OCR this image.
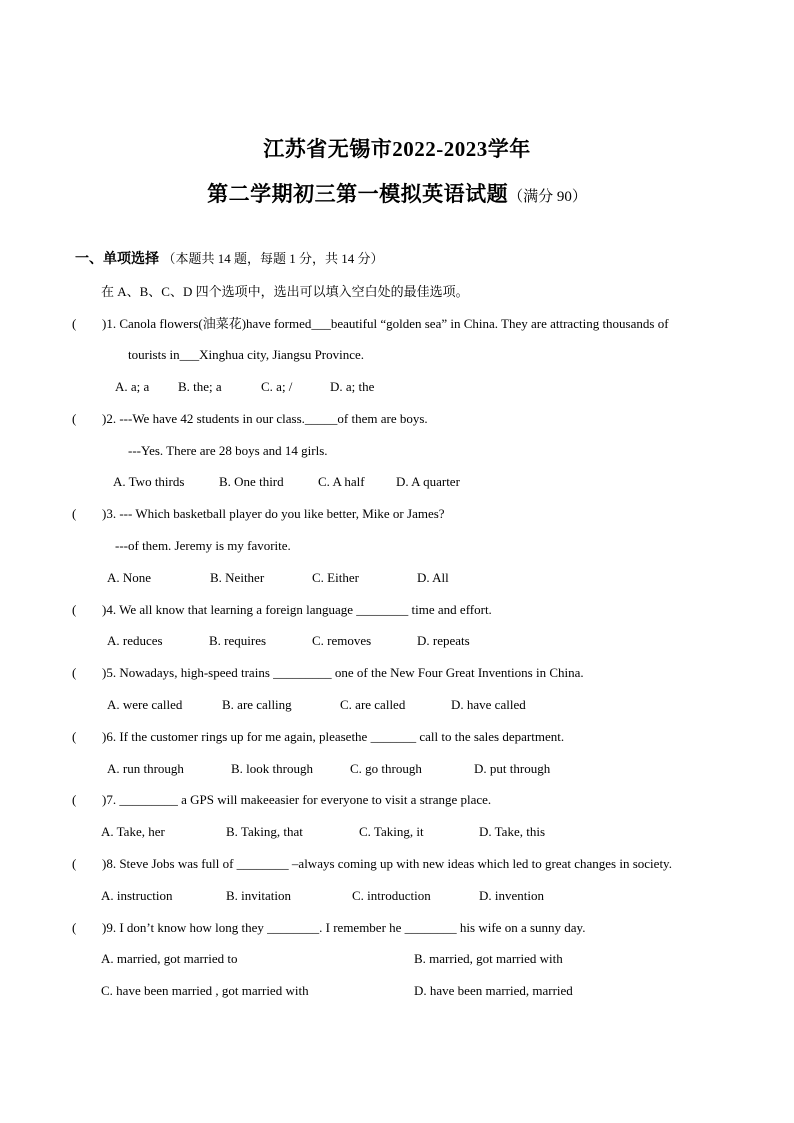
江苏省无锡市2022-2023学年
第二学期初三第一模拟英语试题（满分 90）
一、单项选择 （本题共 14 题，每题 1 分，共 14 分）
在 A、B、C、D 四个选项中，选出可以填入空白处的最佳选项。
( )1. Canola flowers(油菜花)have formed___beautiful “golden sea” in China. They are attracting thousands of
tourists in___Xinghua city, Jiangsu Province.
A. a; a B. the; a	C. a; /	D. a; the
( )2. ---We have 42 students in our class._____of them are boys.
---Yes. There are 28 boys and 14 girls.
A. Two thirds	B. One third	C. A half D. A quarter
( )3. --- Which basketball player do you like better, Mike or James?
---of them. Jeremy is my favorite.
A. None	B. Neither	C. Either	D. All
( )4. We all know that learning a foreign language ________ time and effort.
A. reduces	B. requires	C. removes	D. repeats
( )5. Nowadays, high-speed trains _________ one of the New Four Great Inventions in China.
A. were called	B. are calling	C. are called	D. have called
( )6. If the customer rings up for me again, pleasethe _______ call to the sales department.
A. run through	B. look through	C. go through	D. put through
( )7. _________ a GPS will makeeasier for everyone to visit a strange place.
A. Take, her	B. Taking, that	C. Taking, it	D. Take, this
( )8. Steve Jobs was full of ________ –always coming up with new ideas which led to great changes in society.
A. instruction	B. invitation	C. introduction	D. invention
( )9. I don’t know how long they ________. I remember he ________ his wife on a sunny day.
A. married, got married to	B. married, got married with
C. have been married , got married with	D. have been married, married
